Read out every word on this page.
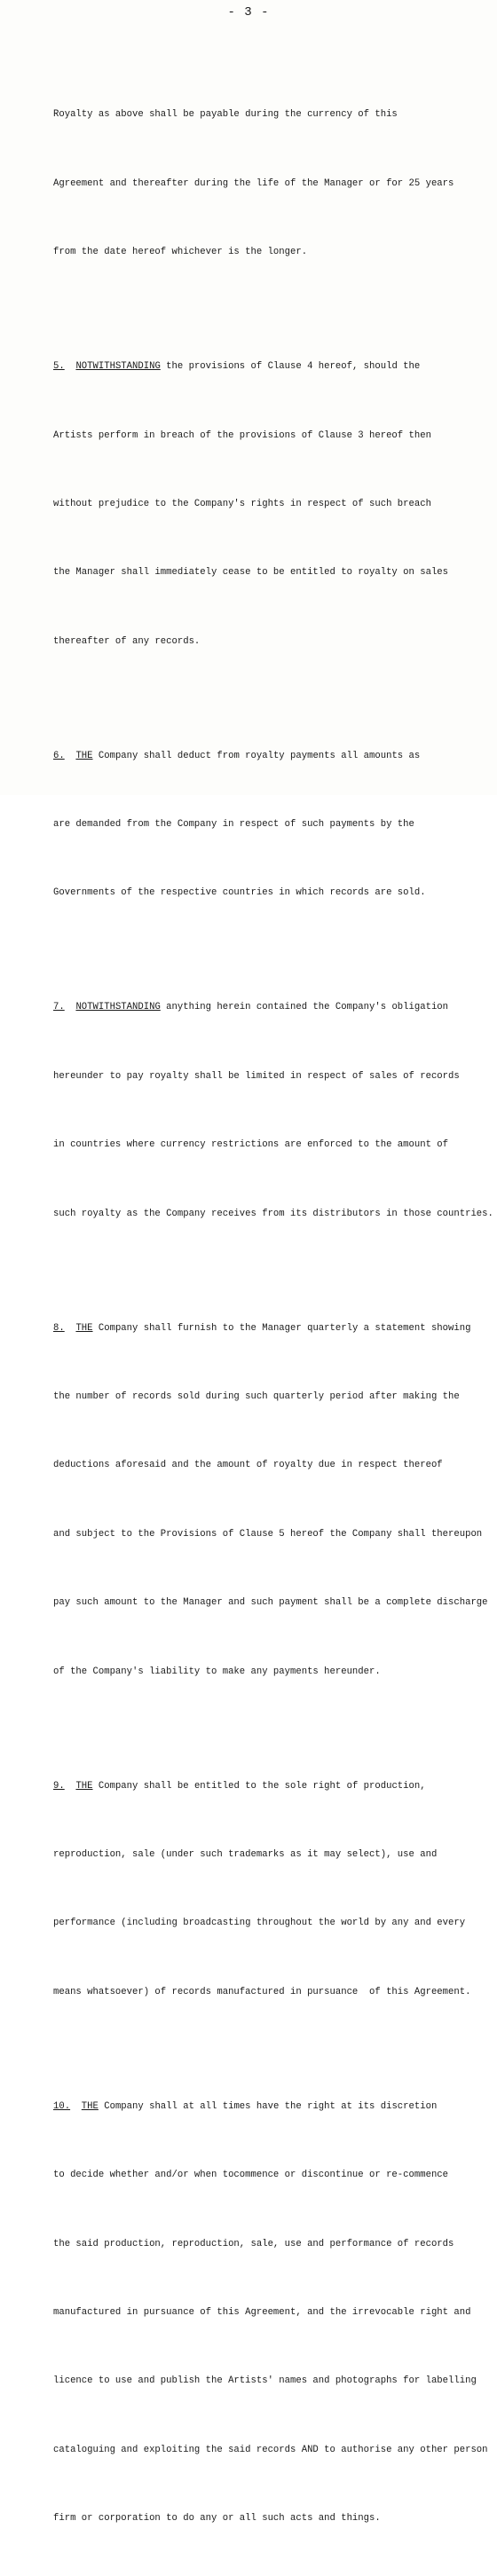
- 3 -

Royalty as above shall be payable during the currency of this

Agreement and thereafter during the life of the Manager or for 25 years

from the date hereof whichever is the longer.

5. NOTWITHSTANDING the provisions of Clause 4 hereof, should the

Artists perform in breach of the provisions of Clause 3 hereof then

without prejudice to the Company's rights in respect of such breach

the Manager shall immediately cease to be entitled to royalty on sales

thereafter of any records.

6. THE Company shall deduct from royalty payments all amounts as

are demanded from the Company in respect of such payments by the

Governments of the respective countries in which records are sold.

7. NOTWITHSTANDING anything herein contained the Company's obligation

hereunder to pay royalty shall be limited in respect of sales of records

in countries where currency restrictions are enforced to the amount of

such royalty as the Company receives from its distributors in those countries.

8. THE Company shall furnish to the Manager quarterly a statement showing

the number of records sold during such quarterly period after making the

deductions aforesaid and the amount of royalty due in respect thereof

and subject to the Provisions of Clause 5 hereof the Company shall thereupon

pay such amount to the Manager and such payment shall be a complete discharge

of the Company's liability to make any payments hereunder.

9. THE Company shall be entitled to the sole right of production,

reproduction, sale (under such trademarks as it may select), use and

performance (including broadcasting throughout the world by any and every

means whatsoever) of records manufactured in pursuance  of this Agreement.

10. THE Company shall at all times have the right at its discretion

to decide whether and/or when tocommence or discontinue or re-commence

the said production, reproduction, sale, use and performance of records

manufactured in pursuance of this Agreement, and the irrevocable right and

licence to use and publish the Artists' names and photographs for labelling

cataloguing and exploiting the said records AND to authorise any other person

firm or corporation to do any or all such acts and things.
